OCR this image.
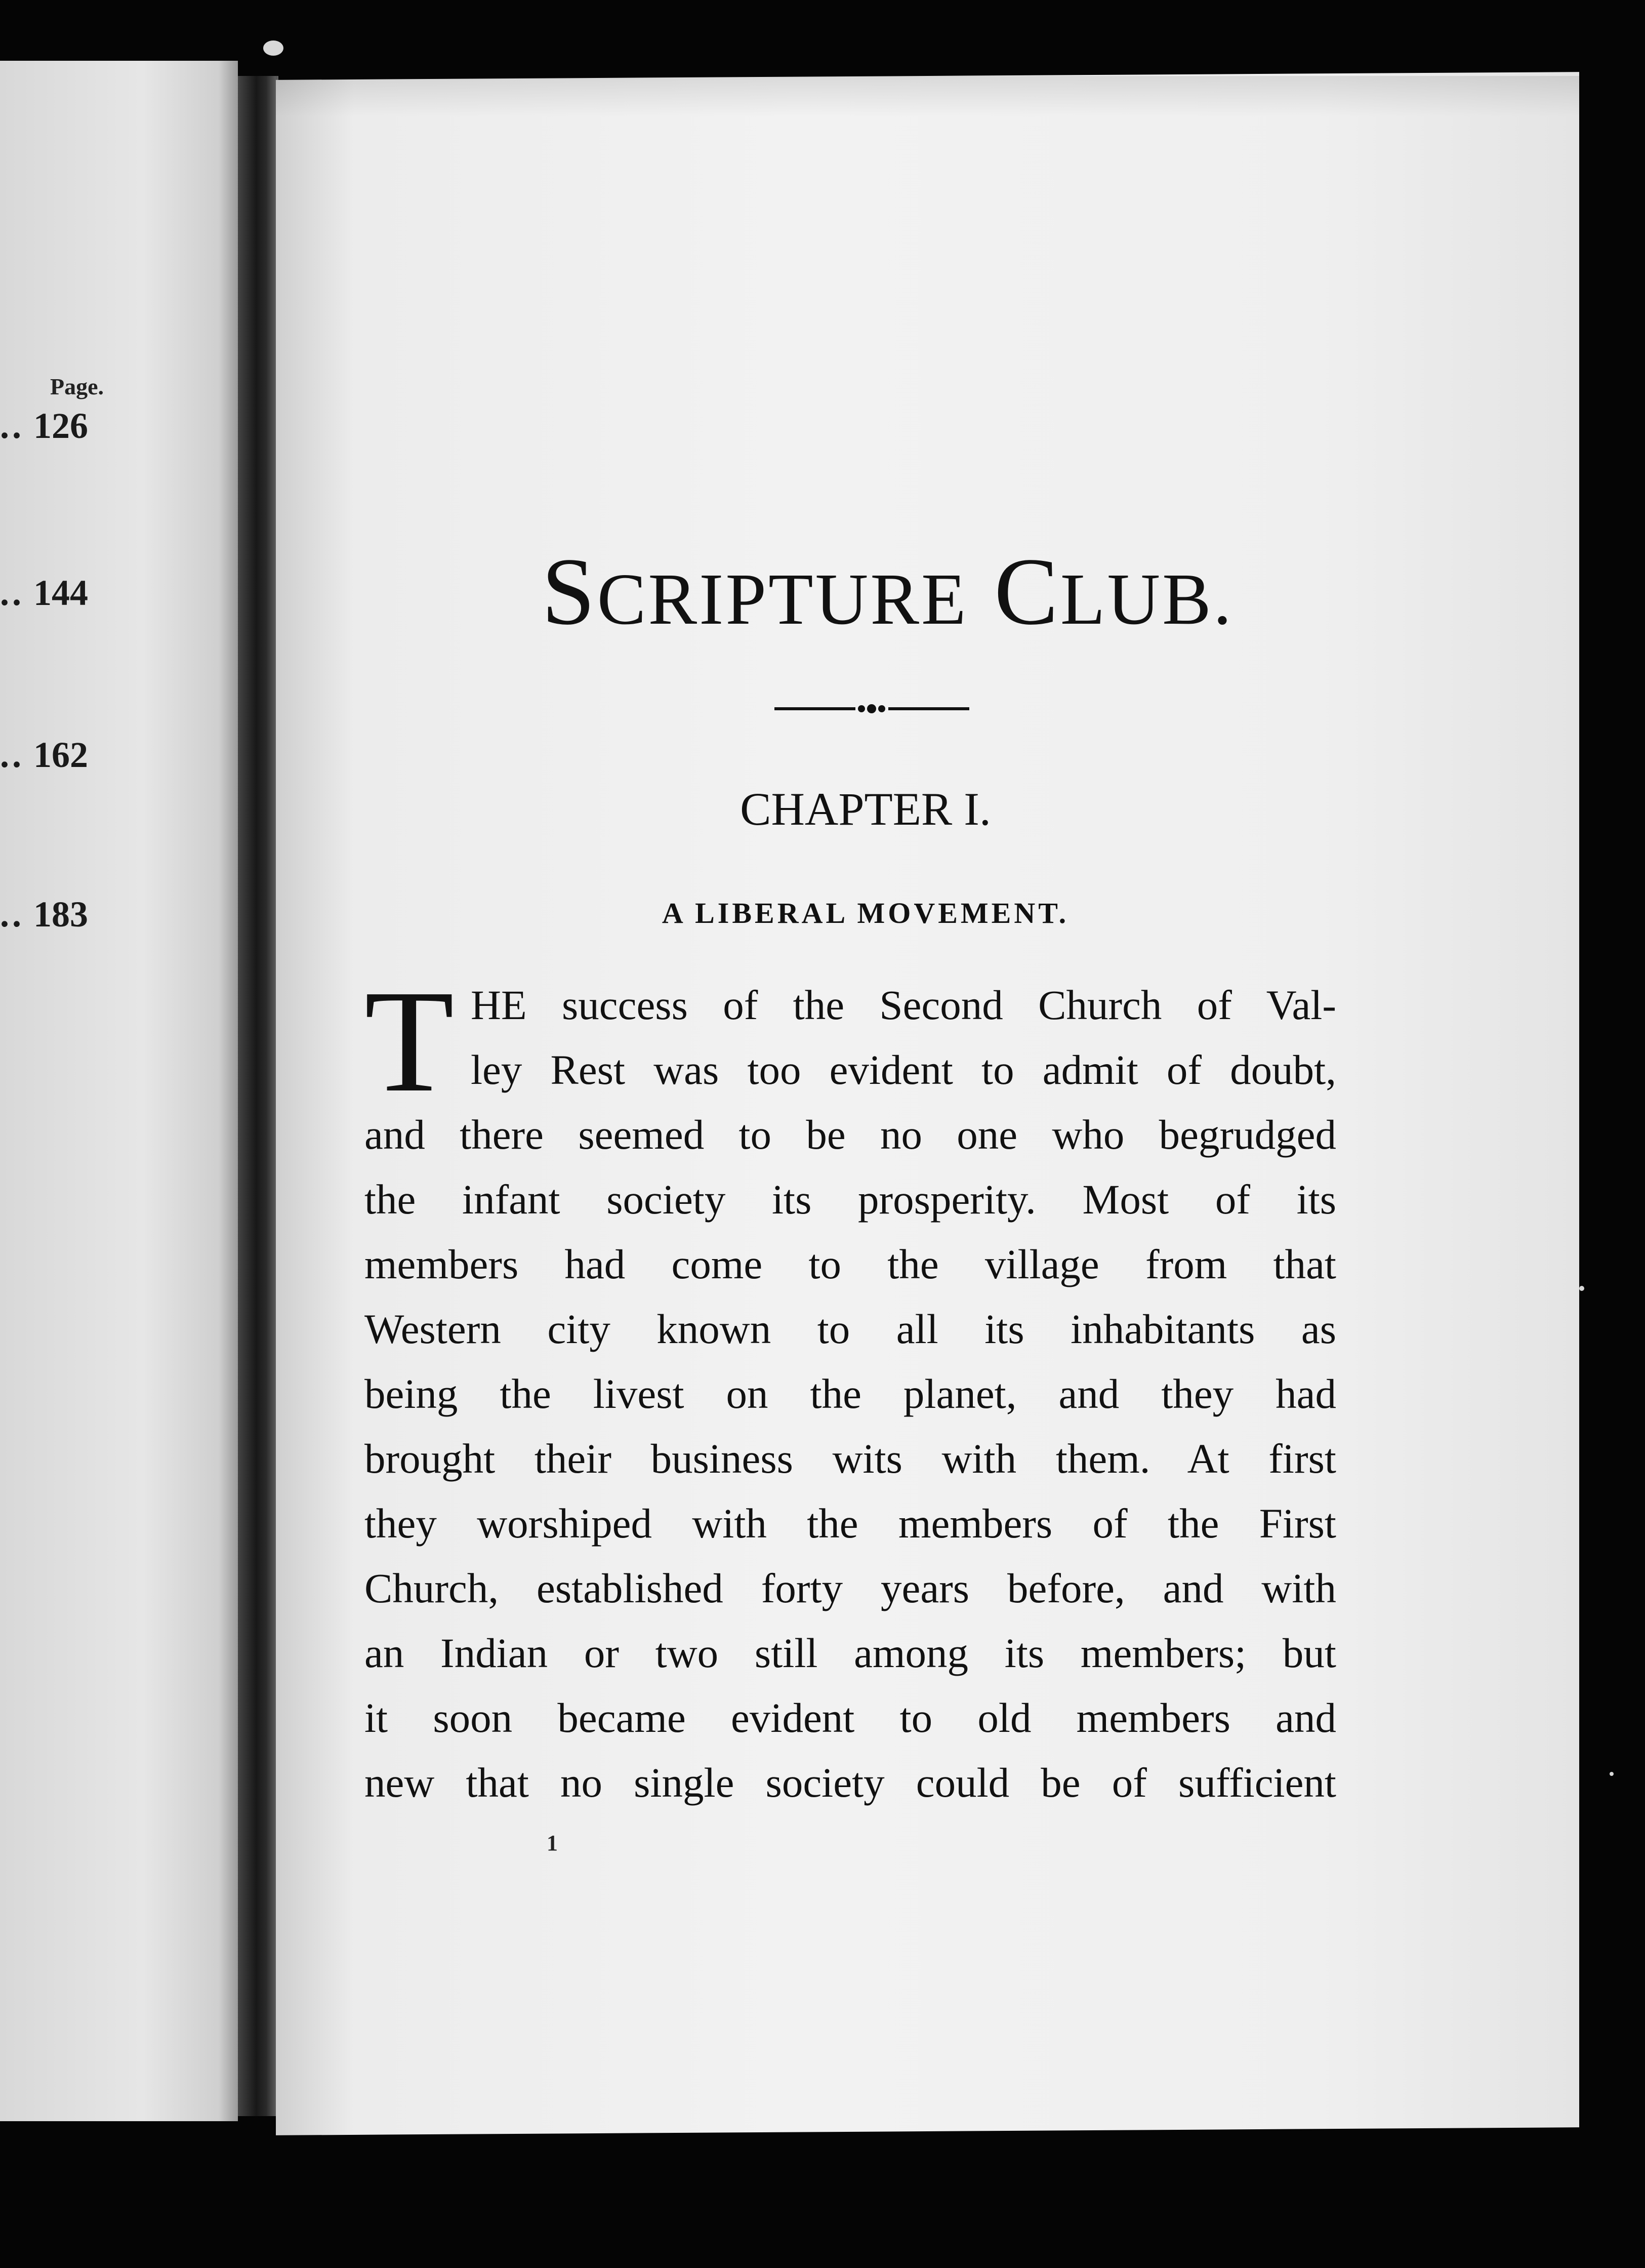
Page.
.. 126
.. 144
.. 162
.. 183
SCRIPTURE CLUB.
CHAPTER I.
A LIBERAL MOVEMENT.
T HE success of the Second Church of Val-
ley Rest was too evident to admit of doubt,
and there seemed to be no one who begrudged
the infant society its prosperity. Most of its
members had come to the village from that
Western city known to all its inhabitants as
being the livest on the planet, and they had
brought their business wits with them. At first
they worshiped with the members of the First
Church, established forty years before, and with
an Indian or two still among its members; but
it soon became evident to old members and
new that no single society could be of sufficient
1
